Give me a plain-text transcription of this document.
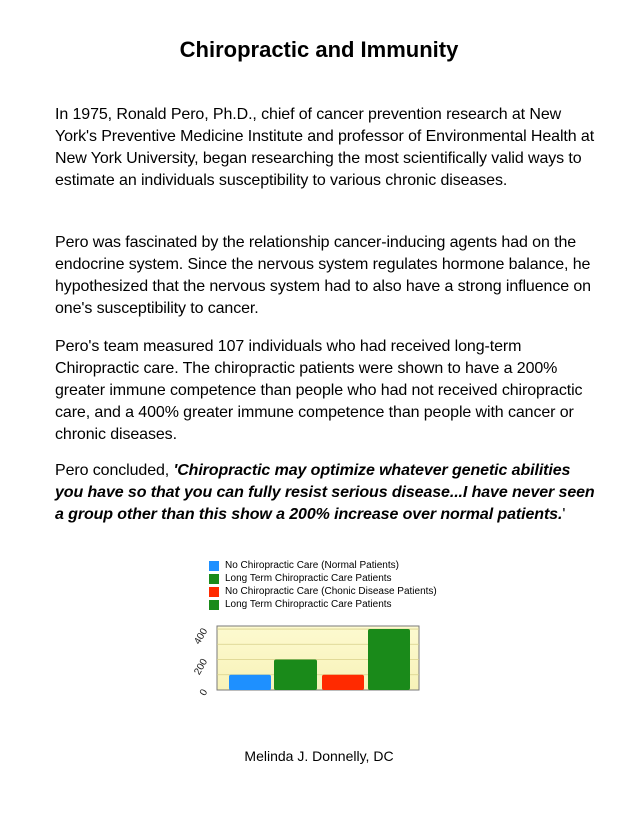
Chiropractic and Immunity

In 1975, Ronald Pero, Ph.D., chief of cancer prevention research at New York's Preventive Medicine Institute and professor of Environmental Health at New York University, began researching the most scientifically valid ways to estimate an individuals susceptibility to various chronic diseases.

Pero was fascinated by the relationship cancer-inducing agents had on the endocrine system. Since the nervous system regulates hormone balance, he hypothesized that the nervous system had to also have a strong influence on one's susceptibility to cancer.

Pero's team measured 107 individuals who had received long-term Chiropractic care. The chiropractic patients were shown to have a 200% greater immune competence than people who had not received chiropractic care, and a 400% greater immune competence than people with cancer or chronic diseases.

Pero concluded, 'Chiropractic may optimize whatever genetic abilities you have so that you can fully resist serious disease...I have never seen a group other than this show a 200% increase over normal patients.'

No Chiropractic Care (Normal Patients)
Long Term Chiropractic Care Patients
No Chiropractic Care (Chonic Disease Patients)
Long Term Chiropractic Care Patients
0
200
400
Melinda J. Donnelly, DC
